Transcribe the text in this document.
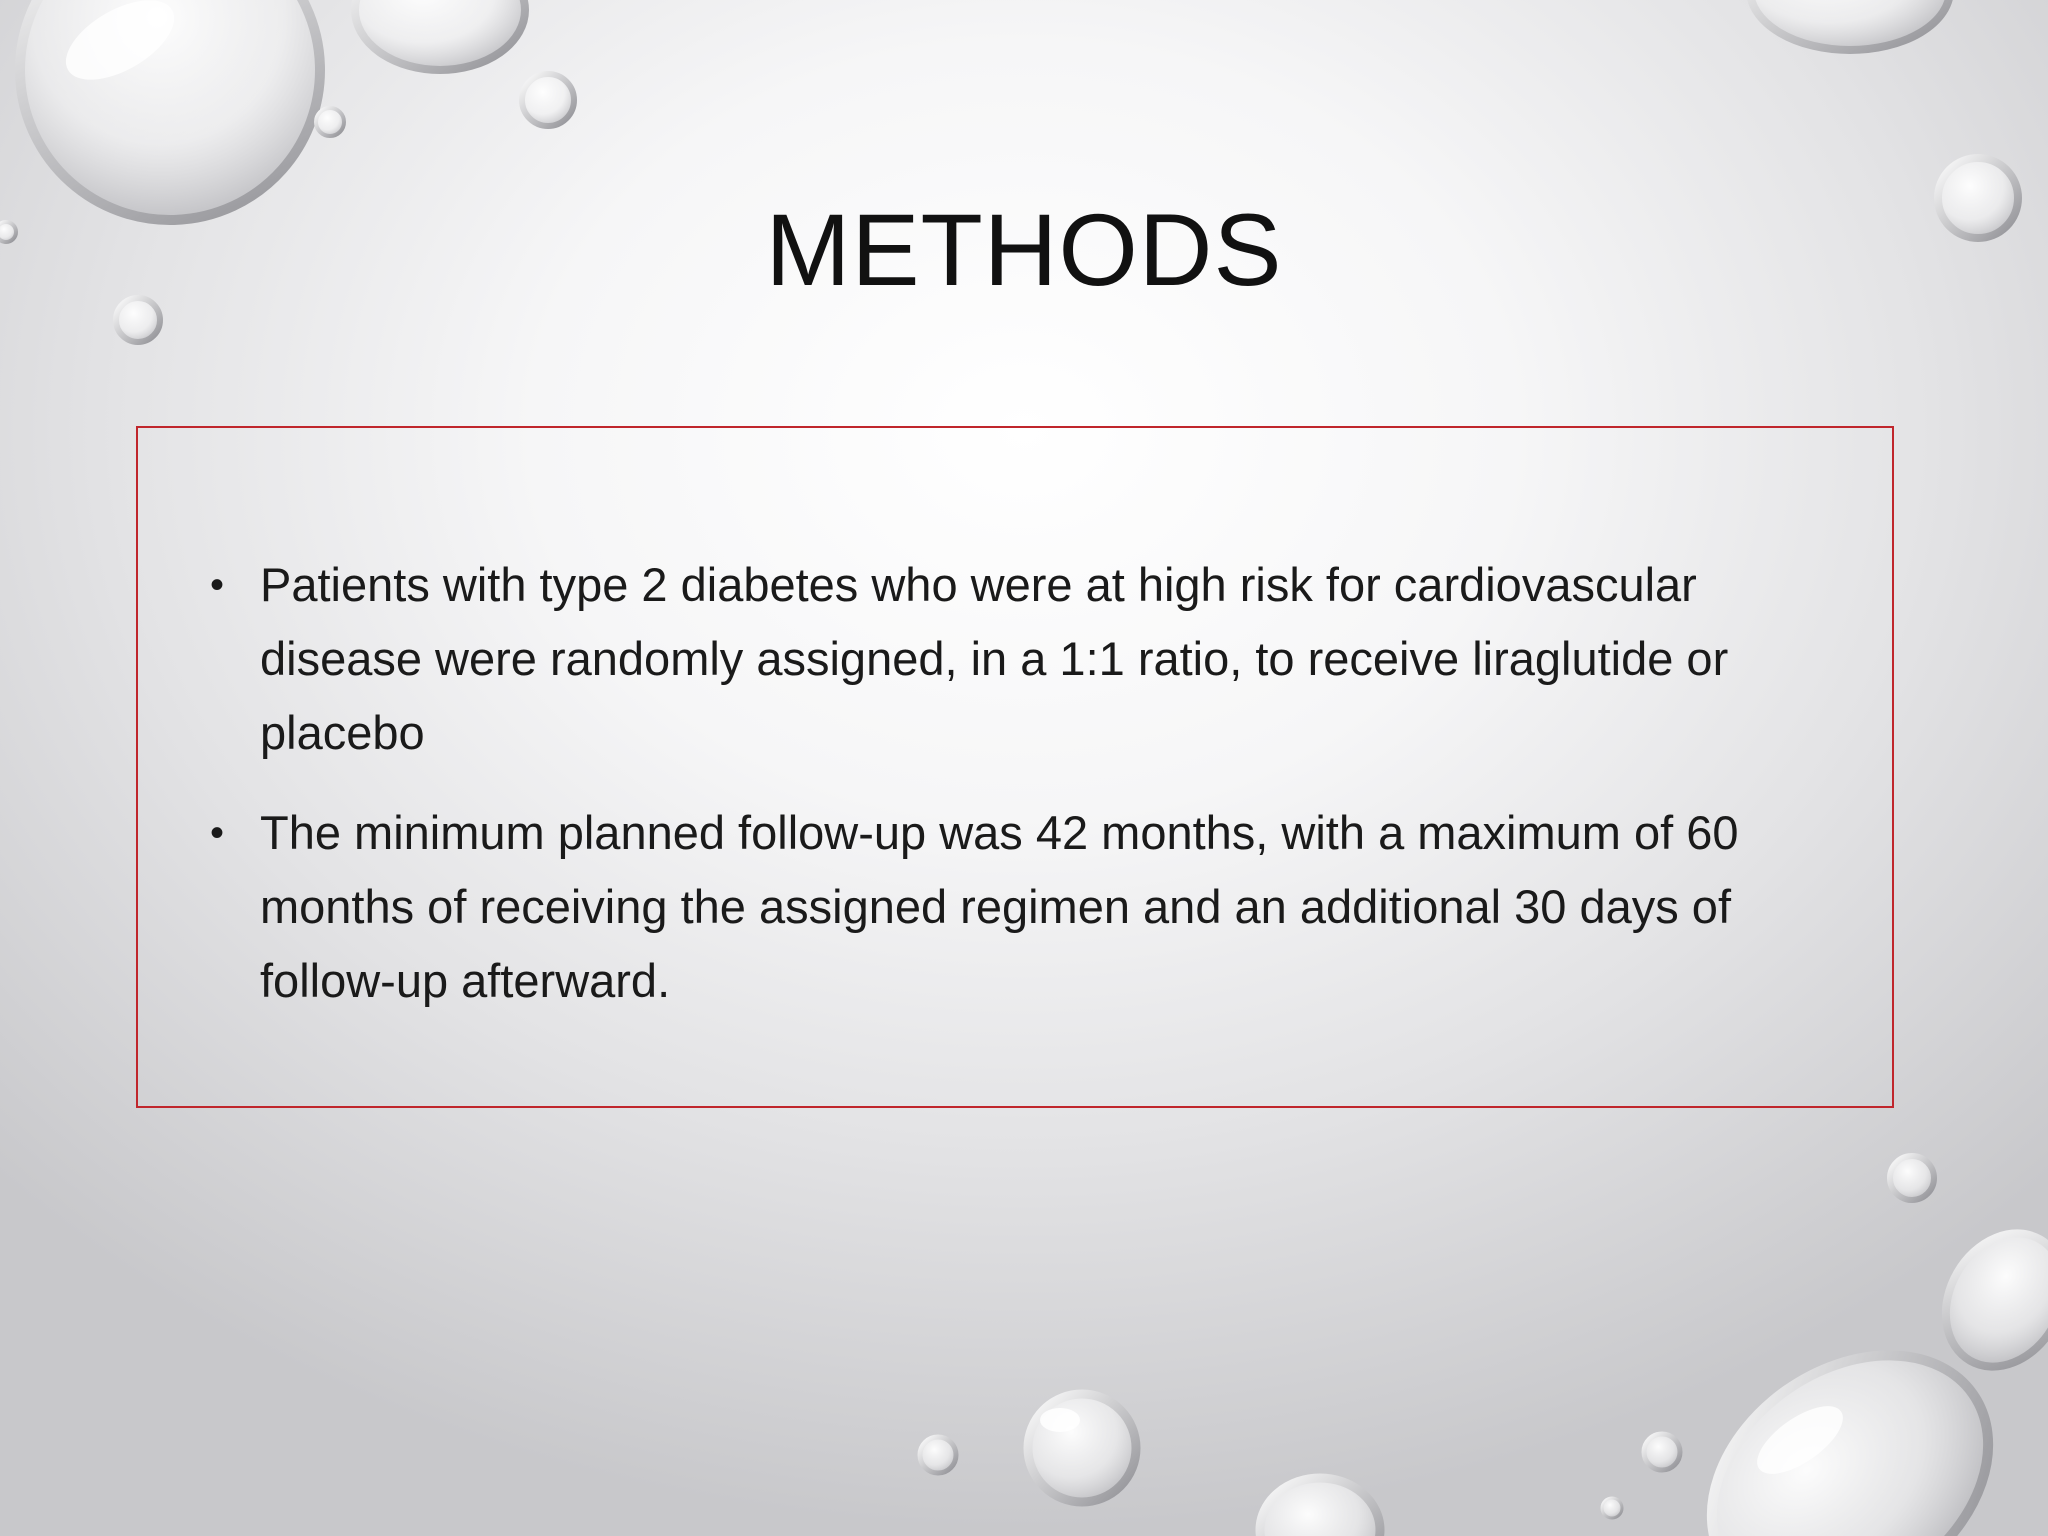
METHODS
• Patients with type 2 diabetes who were at high risk for cardiovascular disease were randomly assigned, in a 1:1 ratio, to receive liraglutide or placebo
• The minimum planned follow-up was 42 months, with a maximum of 60 months of receiving the assigned regimen and an additional 30 days of follow-up afterward.
